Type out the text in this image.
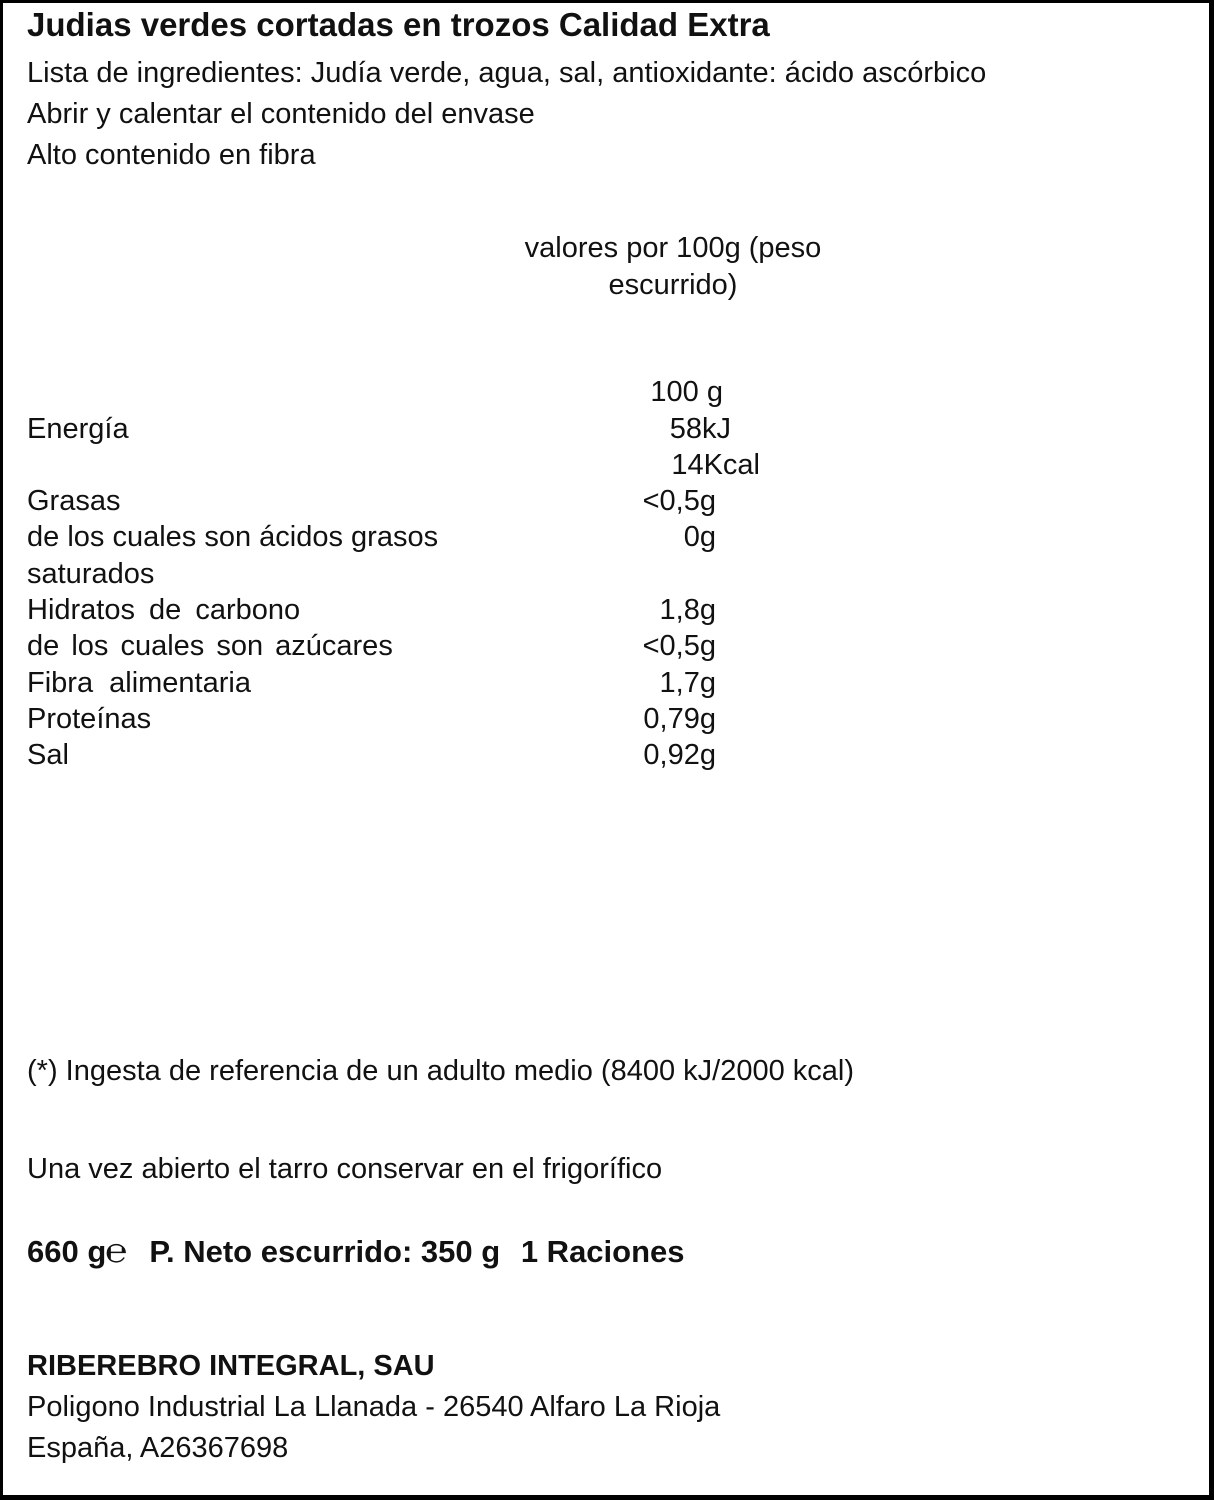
Judias verdes cortadas en trozos Calidad Extra
Lista de ingredientes: Judía verde, agua, sal, antioxidante: ácido ascórbico
Abrir y calentar el contenido del envase
Alto contenido en fibra
valores por 100g (peso
escurrido)
100 g
Energía	58kJ
14Kcal
Grasas	<0,5g
de los cuales son ácidos grasos	0g
saturados
Hidratos de carbono	1,8g
de los cuales son azúcares	<0,5g
Fibra alimentaria	1,7g
Proteínas	0,79g
Sal	0,92g
(*) Ingesta de referencia de un adulto medio (8400 kJ/2000 kcal)
Una vez abierto el tarro conservar en el frigorífico
660 g℮ P. Neto escurrido: 350 g 1 Raciones
RIBEREBRO INTEGRAL, SAU
Poligono Industrial La Llanada - 26540 Alfaro La Rioja
España, A26367698
